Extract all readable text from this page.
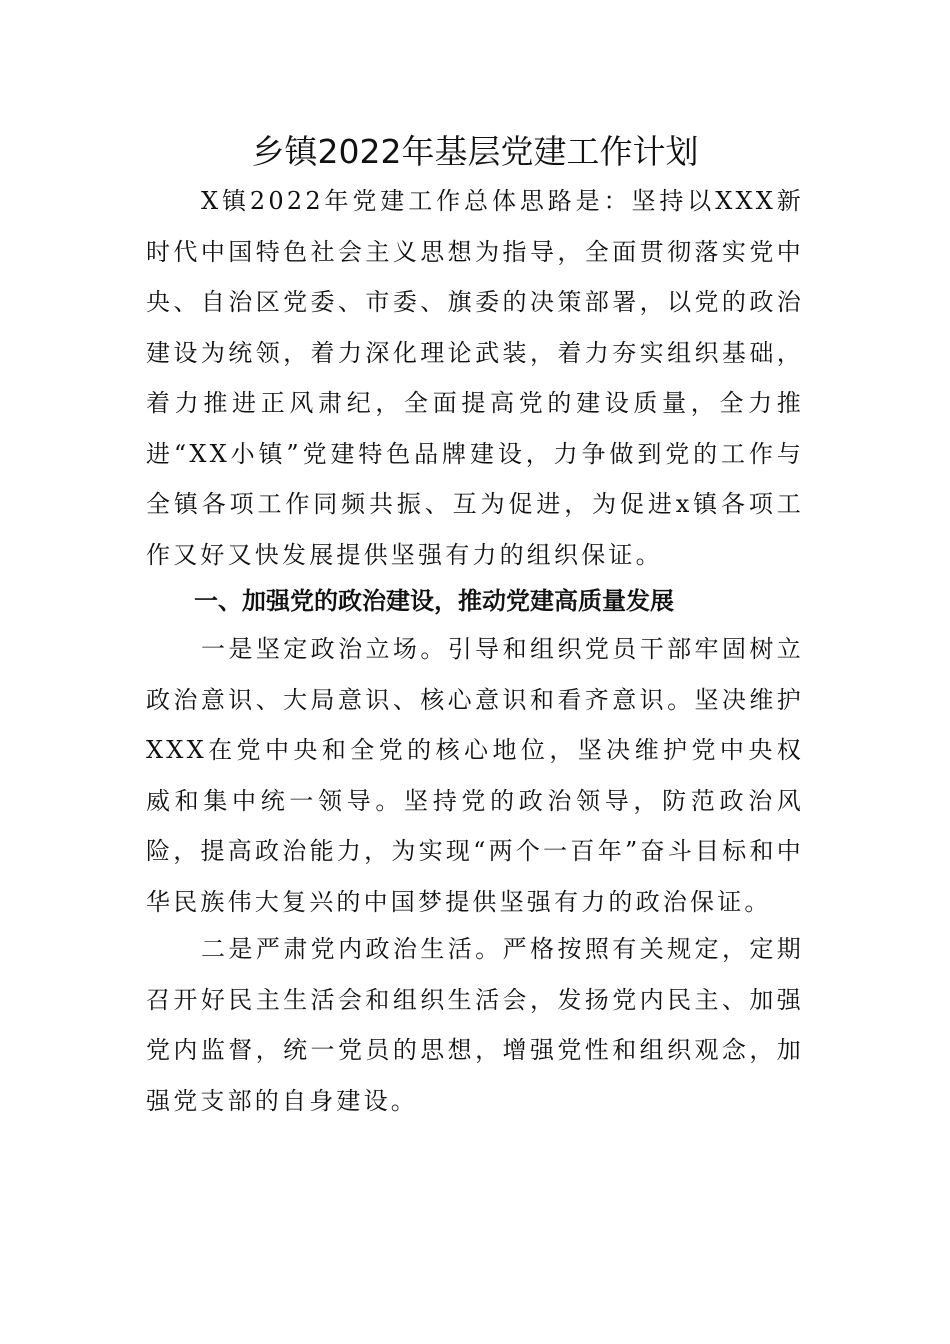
乡镇2022年基层党建工作计划

X镇2022年党建工作总体思路是：坚持以XXX新时代中国特色社会主义思想为指导，全面贯彻落实党中央、自治区党委、市委、旗委的决策部署，以党的政治建设为统领，着力深化理论武装，着力夯实组织基础，着力推进正风肃纪，全面提高党的建设质量，全力推进“XX小镇”党建特色品牌建设，力争做到党的工作与全镇各项工作同频共振、互为促进，为促进x镇各项工作又好又快发展提供坚强有力的组织保证。

一、加强党的政治建设，推动党建高质量发展

一是坚定政治立场。引导和组织党员干部牢固树立政治意识、大局意识、核心意识和看齐意识。坚决维护XXX在党中央和全党的核心地位，坚决维护党中央权威和集中统一领导。坚持党的政治领导，防范政治风险，提高政治能力，为实现“两个一百年”奋斗目标和中华民族伟大复兴的中国梦提供坚强有力的政治保证。

二是严肃党内政治生活。严格按照有关规定，定期召开好民主生活会和组织生活会，发扬党内民主、加强党内监督，统一党员的思想，增强党性和组织观念，加强党支部的自身建设。
